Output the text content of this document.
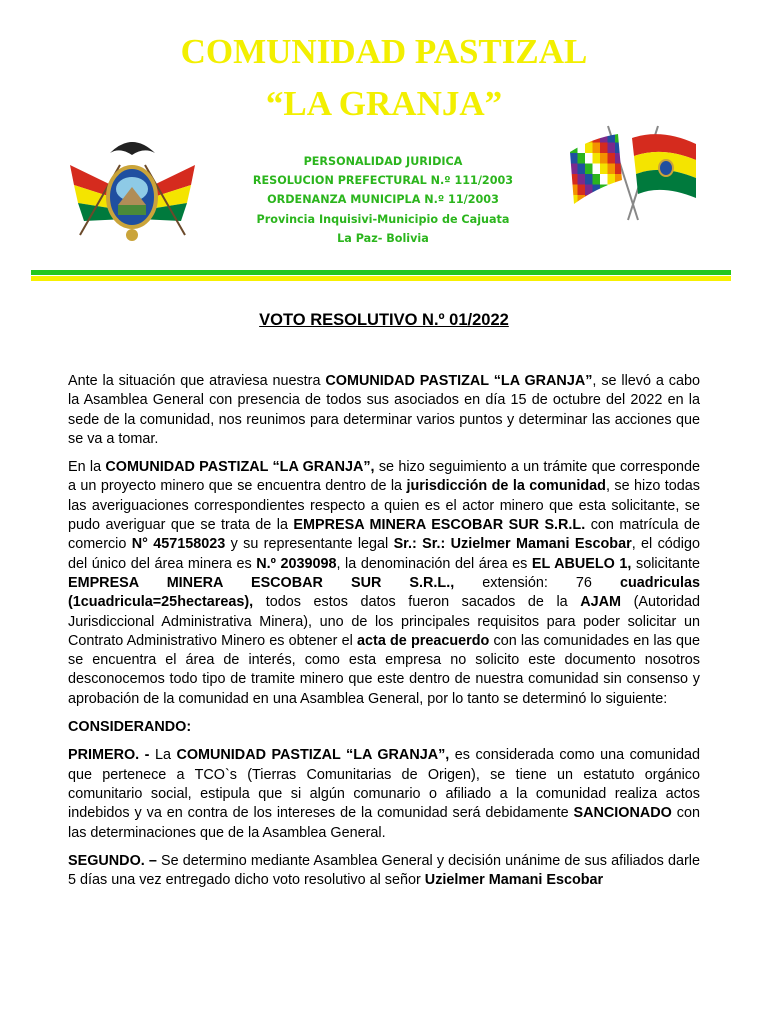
COMUNIDAD PASTIZAL
“LA GRANJA”
PERSONALIDAD JURIDICA
RESOLUCION PREFECTURAL N.º 111/2003
ORDENANZA MUNICIPLA N.º 11/2003
Provincia Inquisivi-Municipio de Cajuata
La Paz- Bolivia
VOTO RESOLUTIVO N.º 01/2022

Ante la situación que atraviesa nuestra COMUNIDAD PASTIZAL “LA GRANJA”, se llevó a cabo la Asamblea General con presencia de todos sus asociados en día 15 de octubre del 2022 en la sede de la comunidad, nos reunimos para determinar varios puntos y determinar las acciones que se va a tomar.

En la COMUNIDAD PASTIZAL “LA GRANJA”, se hizo seguimiento a un trámite que corresponde a un proyecto minero que se encuentra dentro de la jurisdicción de la comunidad, se hizo todas las averiguaciones correspondientes respecto a quien es el actor minero que esta solicitante, se pudo averiguar que se trata de la EMPRESA MINERA ESCOBAR SUR S.R.L. con matrícula de comercio N° 457158023 y su representante legal Sr.: Sr.: Uzielmer Mamani Escobar, el código del único del área minera es N.º 2039098, la denominación del área es EL ABUELO 1, solicitante EMPRESA MINERA ESCOBAR SUR S.R.L., extensión: 76 cuadriculas (1cuadricula=25hectareas), todos estos datos fueron sacados de la AJAM (Autoridad Jurisdiccional Administrativa Minera), uno de los principales requisitos para poder solicitar un Contrato Administrativo Minero es obtener el acta de preacuerdo con las comunidades en las que se encuentra el área de interés, como esta empresa no solicito este documento nosotros desconocemos todo tipo de tramite minero que este dentro de nuestra comunidad sin consenso y aprobación de la comunidad en una Asamblea General, por lo tanto se determinó lo siguiente:

CONSIDERANDO:

PRIMERO. - La COMUNIDAD PASTIZAL “LA GRANJA”, es considerada como una comunidad que pertenece a TCO`s (Tierras Comunitarias de Origen), se tiene un estatuto orgánico comunitario social, estipula que si algún comunario o afiliado a la comunidad realiza actos indebidos y va en contra de los intereses de la comunidad será debidamente SANCIONADO con las determinaciones que de la Asamblea General.

SEGUNDO. – Se determino mediante Asamblea General y decisión unánime de sus afiliados darle 5 días una vez entregado dicho voto resolutivo al señor Uzielmer Mamani Escobar
